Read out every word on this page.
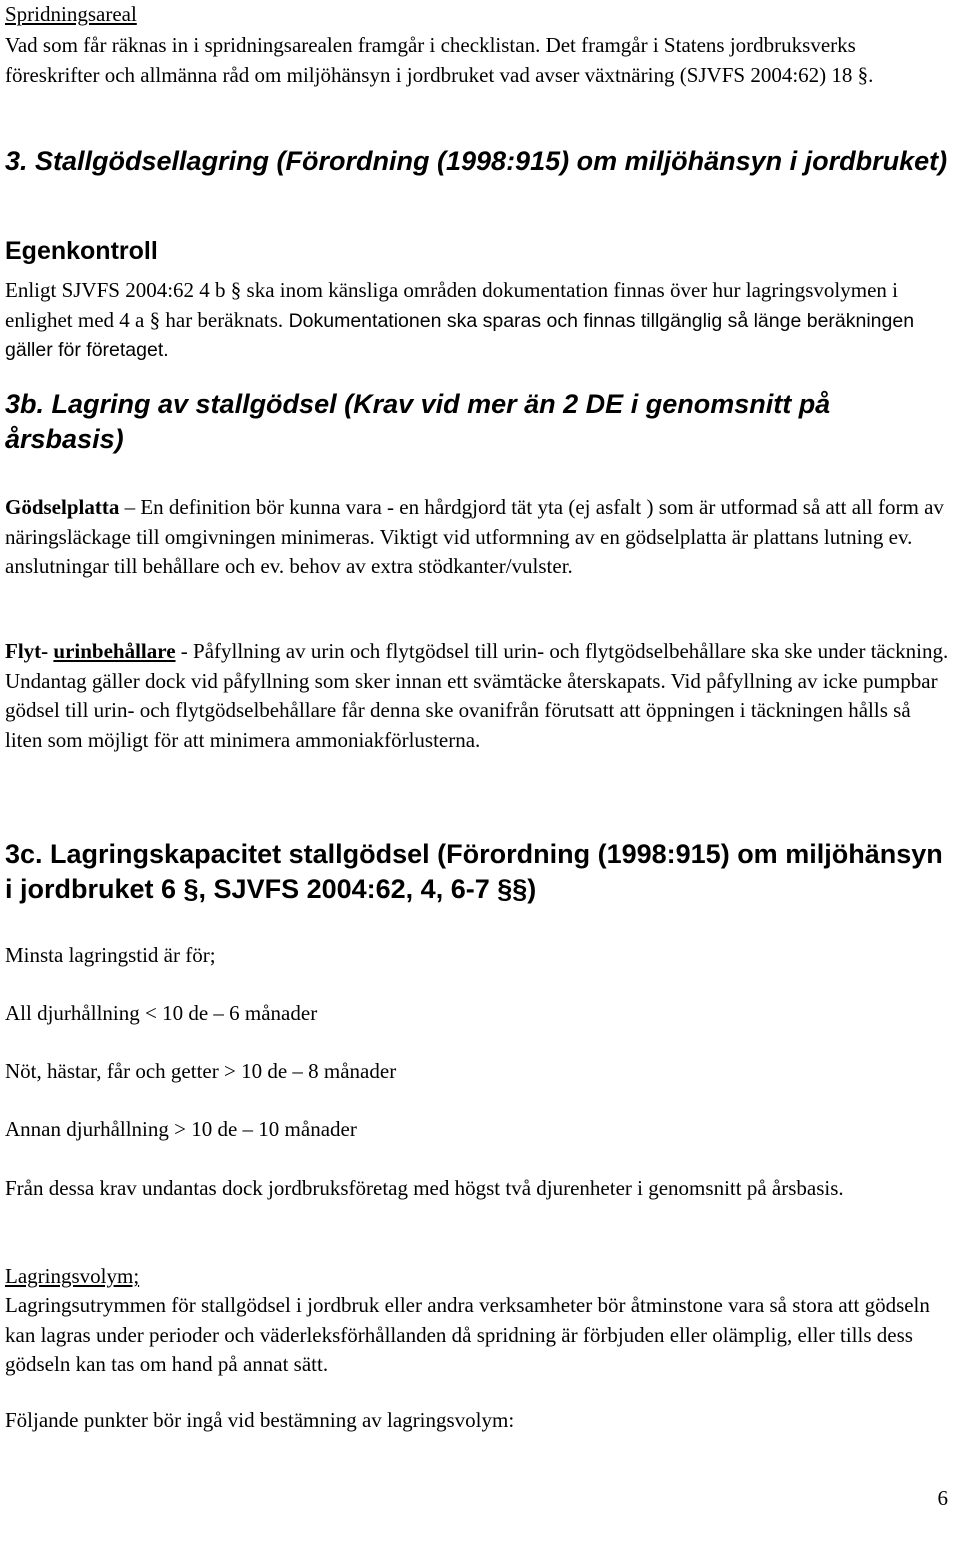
Spridningsareal

Vad som får räknas in i spridningsarealen framgår i checklistan. Det framgår i Statens jordbruksverks föreskrifter och allmänna råd om miljöhänsyn i jordbruket vad avser växtnäring (SJVFS 2004:62) 18 §.

3. Stallgödsellagring (Förordning (1998:915) om miljöhänsyn i jordbruket)
Egenkontroll

Enligt SJVFS 2004:62 4 b § ska inom känsliga områden dokumentation finnas över hur lagringsvolymen i enlighet med 4 a § har beräknats. Dokumentationen ska sparas och finnas tillgänglig så länge beräkningen gäller för företaget.

3b. Lagring av stallgödsel (Krav vid mer än 2 DE i genomsnitt på årsbasis)

Gödselplatta – En definition bör kunna vara - en hårdgjord tät yta (ej asfalt ) som är utformad så att all form av näringsläckage till omgivningen minimeras. Viktigt vid utformning av en gödselplatta är plattans lutning ev. anslutningar till behållare och ev. behov av extra stödkanter/vulster.

Flyt- urinbehållare - Påfyllning av urin och flytgödsel till urin- och flytgödselbehållare ska ske under täckning. Undantag gäller dock vid påfyllning som sker innan ett svämtäcke återskapats. Vid påfyllning av icke pumpbar gödsel till urin- och flytgödselbehållare får denna ske ovanifrån förutsatt att öppningen i täckningen hålls så liten som möjligt för att minimera ammoniakförlusterna.

3c. Lagringskapacitet stallgödsel (Förordning (1998:915) om miljöhänsyn i jordbruket 6 §, SJVFS 2004:62, 4, 6-7 §§)

Minsta lagringstid är för;

All djurhållning < 10 de – 6 månader

Nöt, hästar, får och getter > 10 de – 8 månader

Annan djurhållning > 10 de – 10 månader

Från dessa krav undantas dock jordbruksföretag med högst två djurenheter i genomsnitt på årsbasis.

Lagringsvolym;

Lagringsutrymmen för stallgödsel i jordbruk eller andra verksamheter bör åtminstone vara så stora att gödseln kan lagras under perioder och väderleksförhållanden då spridning är förbjuden eller olämplig, eller tills dess gödseln kan tas om hand på annat sätt.

Följande punkter bör ingå vid bestämning av lagringsvolym:

6
